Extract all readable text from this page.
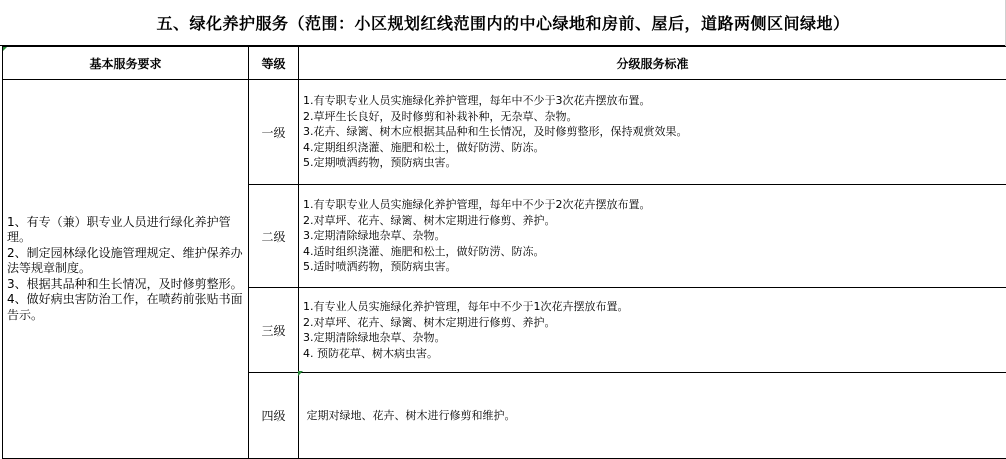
五、绿化养护服务（范围：小区规划红线范围内的中心绿地和房前、屋后，道路两侧区间绿地）
基本服务要求	等级	分级服务标准

1、有专（兼）职专业人员进行绿化养护管理。
2、制定园林绿化设施管理规定、维护保养办法等规章制度。
3、根据其品种和生长情况，及时修剪整形。
4、做好病虫害防治工作，在喷药前张贴书面告示。	一级	1.有专职专业人员实施绿化养护管理，每年中不少于3次花卉摆放布置。
2.草坪生长良好，及时修剪和补栽补种，无杂草、杂物。
3.花卉、绿篱、树木应根据其品种和生长情况，及时修剪整形，保持观赏效果。
4.定期组织浇灌、施肥和松土，做好防涝、防冻。
5.定期喷洒药物，预防病虫害。

	二级	1.有专职专业人员实施绿化养护管理，每年中不少于2次花卉摆放布置。
2.对草坪、花卉、绿篱、树木定期进行修剪、养护。
3.定期清除绿地杂草、杂物。
4.适时组织浇灌、施肥和松土，做好防涝、防冻。
5.适时喷洒药物，预防病虫害。

	三级	1.有专业人员实施绿化养护管理，每年中不少于1次花卉摆放布置。
2.对草坪、花卉、绿篱、树木定期进行修剪、养护。
3.定期清除绿地杂草、杂物。
4. 预防花草、树木病虫害。

	四级	定期对绿地、花卉、树木进行修剪和维护。
